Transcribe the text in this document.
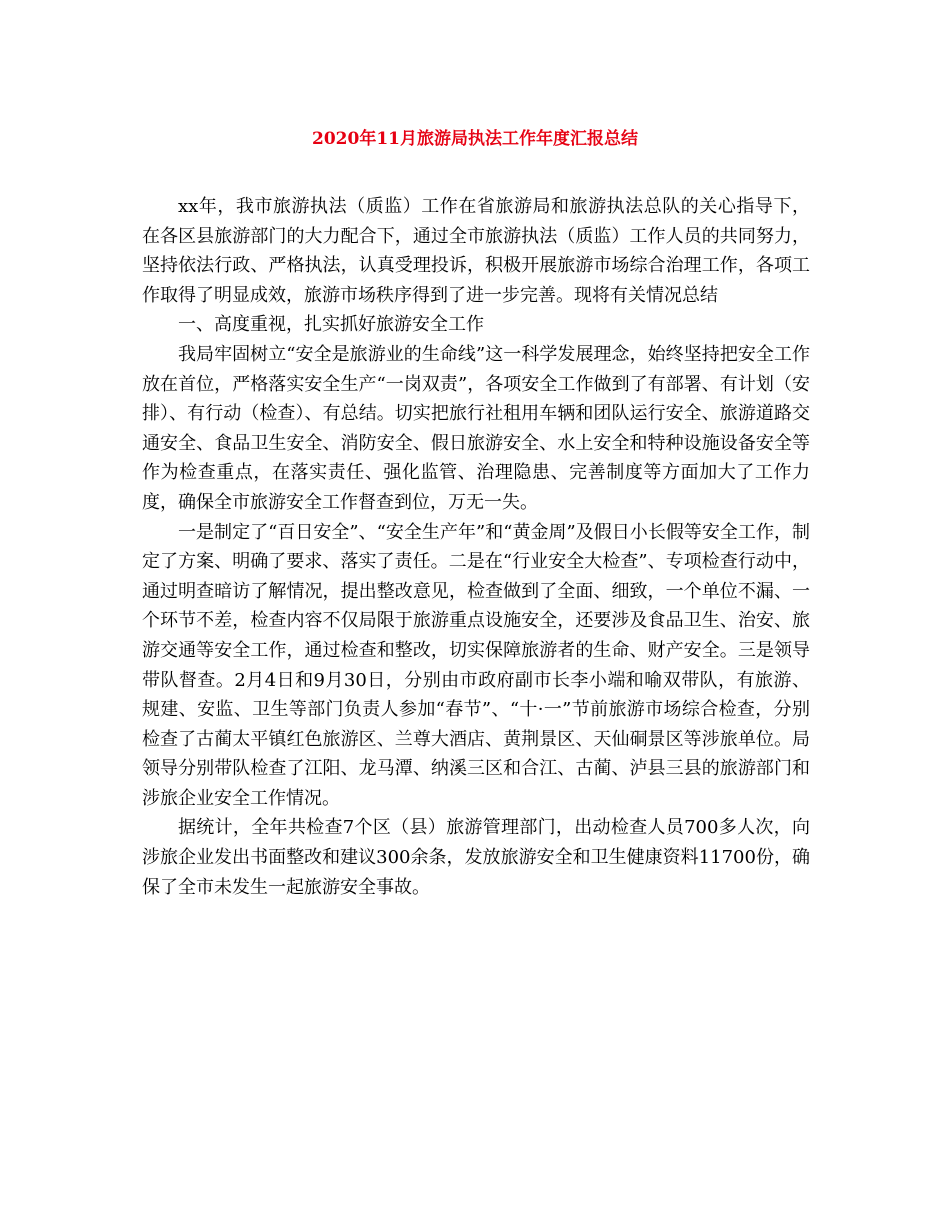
2020年11月旅游局执法工作年度汇报总结

xx年，我市旅游执法（质监）工作在省旅游局和旅游执法总队的关心指导下，在各区县旅游部门的大力配合下，通过全市旅游执法（质监）工作人员的共同努力，坚持依法行政、严格执法，认真受理投诉，积极开展旅游市场综合治理工作，各项工作取得了明显成效，旅游市场秩序得到了进一步完善。现将有关情况总结

一、高度重视，扎实抓好旅游安全工作

我局牢固树立“安全是旅游业的生命线”这一科学发展理念，始终坚持把安全工作放在首位，严格落实安全生产“一岗双责”，各项安全工作做到了有部署、有计划（安排）、有行动（检查）、有总结。切实把旅行社租用车辆和团队运行安全、旅游道路交通安全、食品卫生安全、消防安全、假日旅游安全、水上安全和特种设施设备安全等作为检查重点，在落实责任、强化监管、治理隐患、完善制度等方面加大了工作力度，确保全市旅游安全工作督查到位，万无一失。

一是制定了“百日安全”、“安全生产年”和“黄金周”及假日小长假等安全工作，制定了方案、明确了要求、落实了责任。二是在“行业安全大检查”、专项检查行动中，通过明查暗访了解情况，提出整改意见，检查做到了全面、细致，一个单位不漏、一个环节不差，检查内容不仅局限于旅游重点设施安全，还要涉及食品卫生、治安、旅游交通等安全工作，通过检查和整改，切实保障旅游者的生命、财产安全。三是领导带队督查。2月4日和9月30日，分别由市政府副市长李小端和喻双带队，有旅游、规建、安监、卫生等部门负责人参加“春节”、“十·一”节前旅游市场综合检查，分别检查了古蔺太平镇红色旅游区、兰尊大酒店、黄荆景区、天仙硐景区等涉旅单位。局领导分别带队检查了江阳、龙马潭、纳溪三区和合江、古蔺、泸县三县的旅游部门和涉旅企业安全工作情况。

据统计，全年共检查7个区（县）旅游管理部门，出动检查人员700多人次，向涉旅企业发出书面整改和建议300余条，发放旅游安全和卫生健康资料11700份，确保了全市未发生一起旅游安全事故。
